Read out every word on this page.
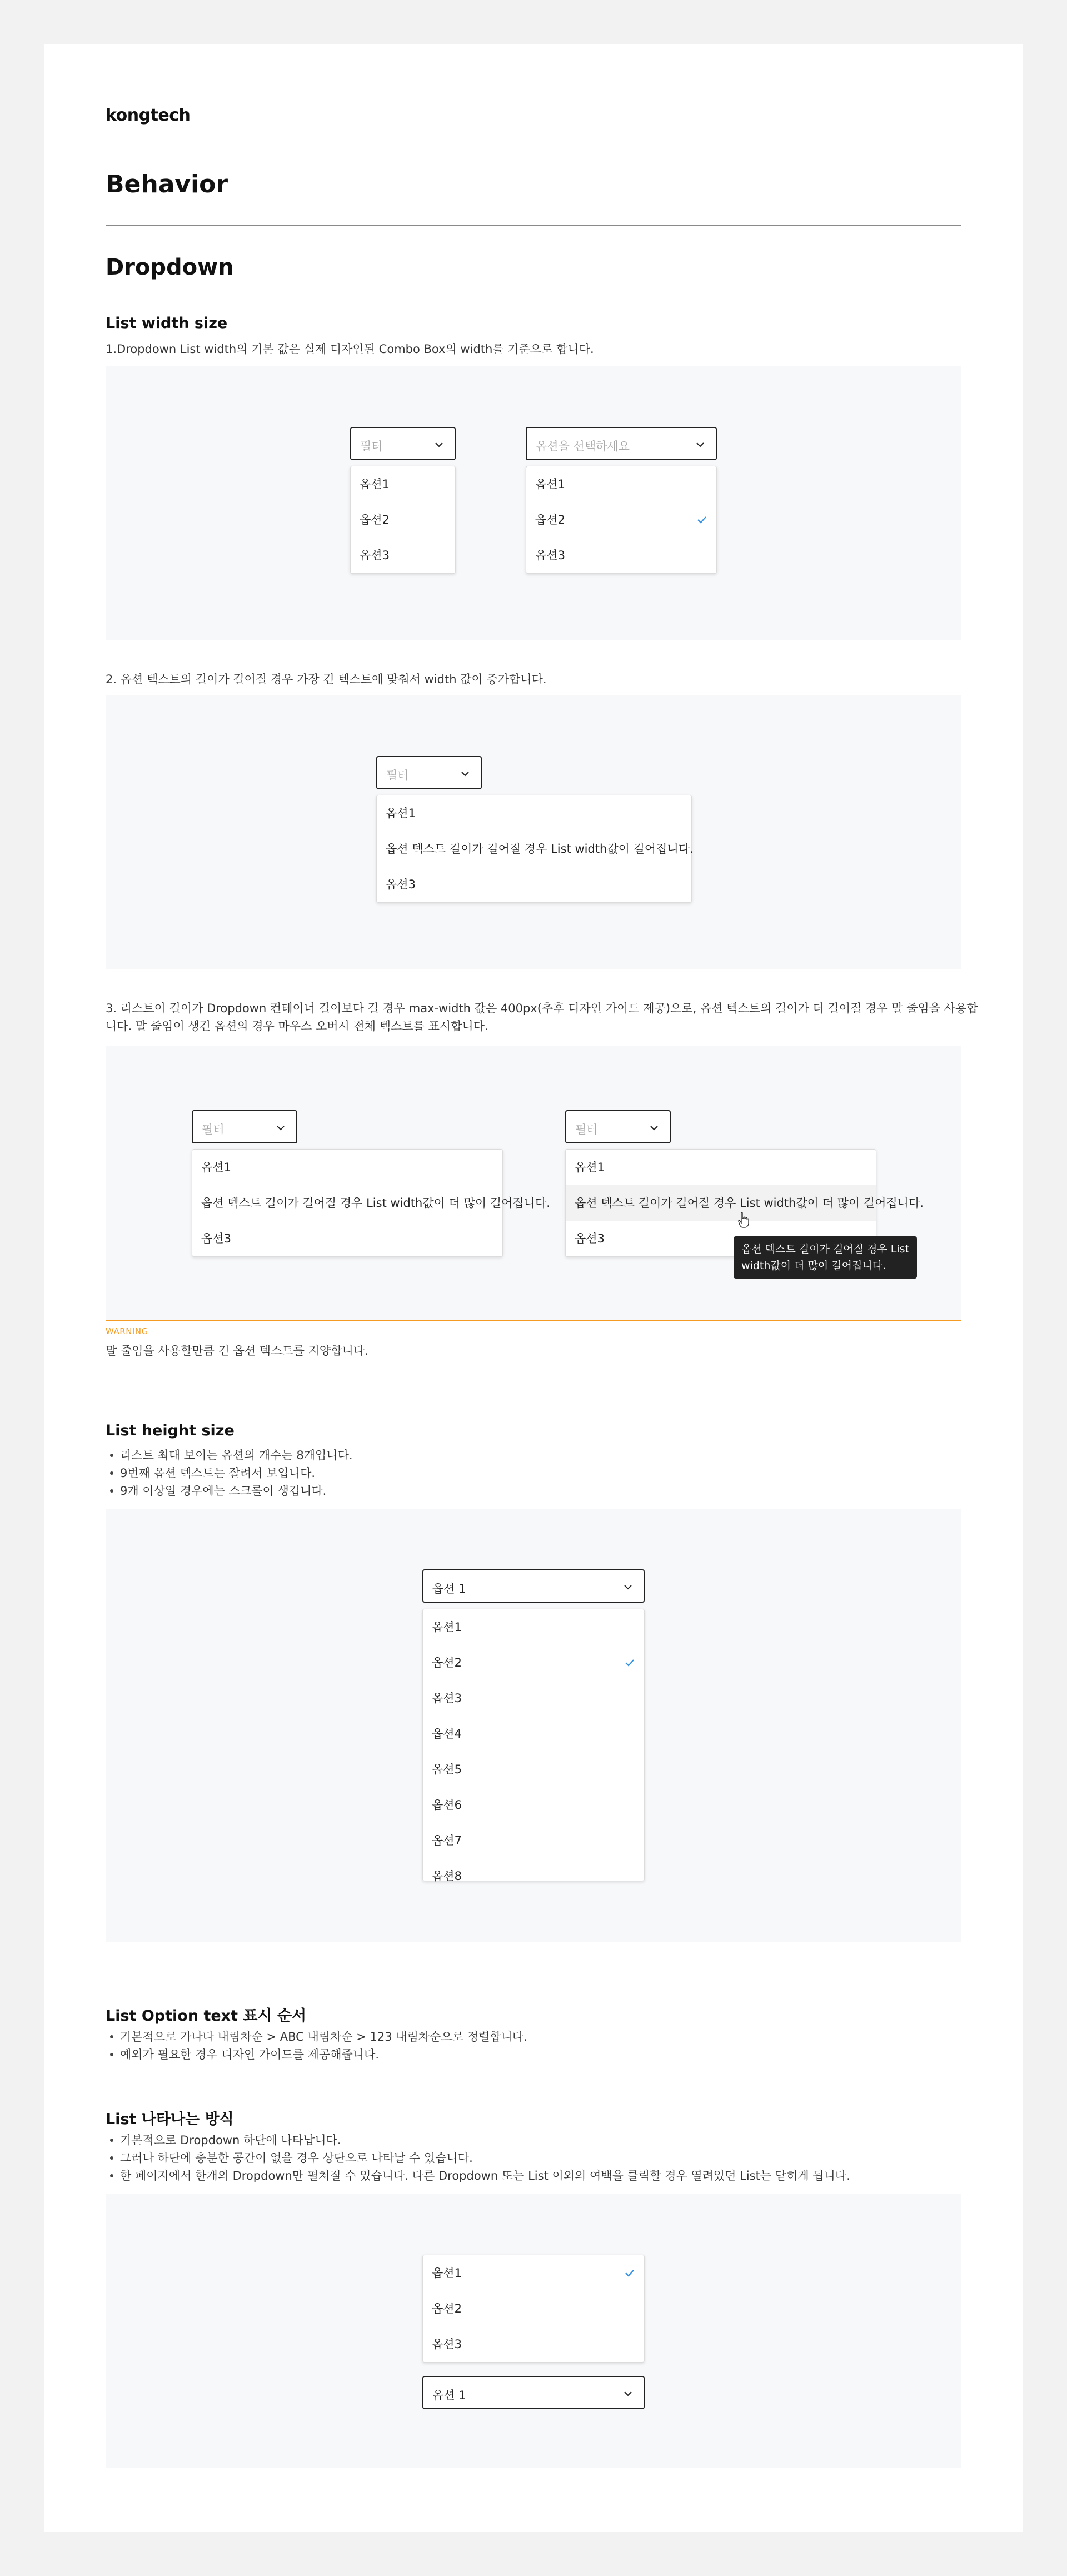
kongtech
Behavior
Dropdown
List width size
1.Dropdown List width의 기본 값은 실제 디자인된 Combo Box의 width를 기준으로 합니다.
필터
옵션1
옵션2
옵션3
옵션을 선택하세요
옵션1
옵션2
옵션3
2. 옵션 텍스트의 길이가 길어질 경우 가장 긴 텍스트에 맞춰서 width 값이 증가합니다.
필터
옵션1
옵션 텍스트 길이가 길어질 경우 List width값이 길어집니다.
옵션3
3. 리스트이 길이가 Dropdown 컨테이너 길이보다 길 경우 max-width 값은 400px(추후 디자인 가이드 제공)으로, 옵션 텍스트의 길이가 더 길어질 경우 말 줄임을 사용합
니다. 말 줄임이 생긴 옵션의 경우 마우스 오버시 전체 텍스트를 표시합니다.
필터
옵션1
옵션 텍스트 길이가 길어질 경우 List width값이 더 많이 길어집니다.
옵션3
필터
옵션1
옵션 텍스트 길이가 길어질 경우 List width값이 더 많이 길어집니다.
옵션3
옵션 텍스트 길이가 길어질 경우 List
width값이 더 많이 길어집니다.
WARNING
말 줄임을 사용할만큼 긴 옵션 텍스트를 지양합니다.
List height size
리스트 최대 보이는 옵션의 개수는 8개입니다.
9번째 옵션 텍스트는 잘려서 보입니다.
9개 이상일 경우에는 스크롤이 생깁니다.
옵션 1
옵션1
옵션2
옵션3
옵션4
옵션5
옵션6
옵션7
옵션8
List Option text 표시 순서
기본적으로 가나다 내림차순 > ABC 내림차순 > 123 내림차순으로 정렬합니다.
예외가 필요한 경우 디자인 가이드를 제공해줍니다.
List 나타나는 방식
기본적으로 Dropdown 하단에 나타납니다.
그러나 하단에 충분한 공간이 없을 경우 상단으로 나타날 수 있습니다.
한 페이지에서 한개의 Dropdown만 펼쳐질 수 있습니다. 다른 Dropdown 또는 List 이외의 여백을 클릭할 경우 열려있던 List는 닫히게 됩니다.
옵션1
옵션2
옵션3
옵션 1
